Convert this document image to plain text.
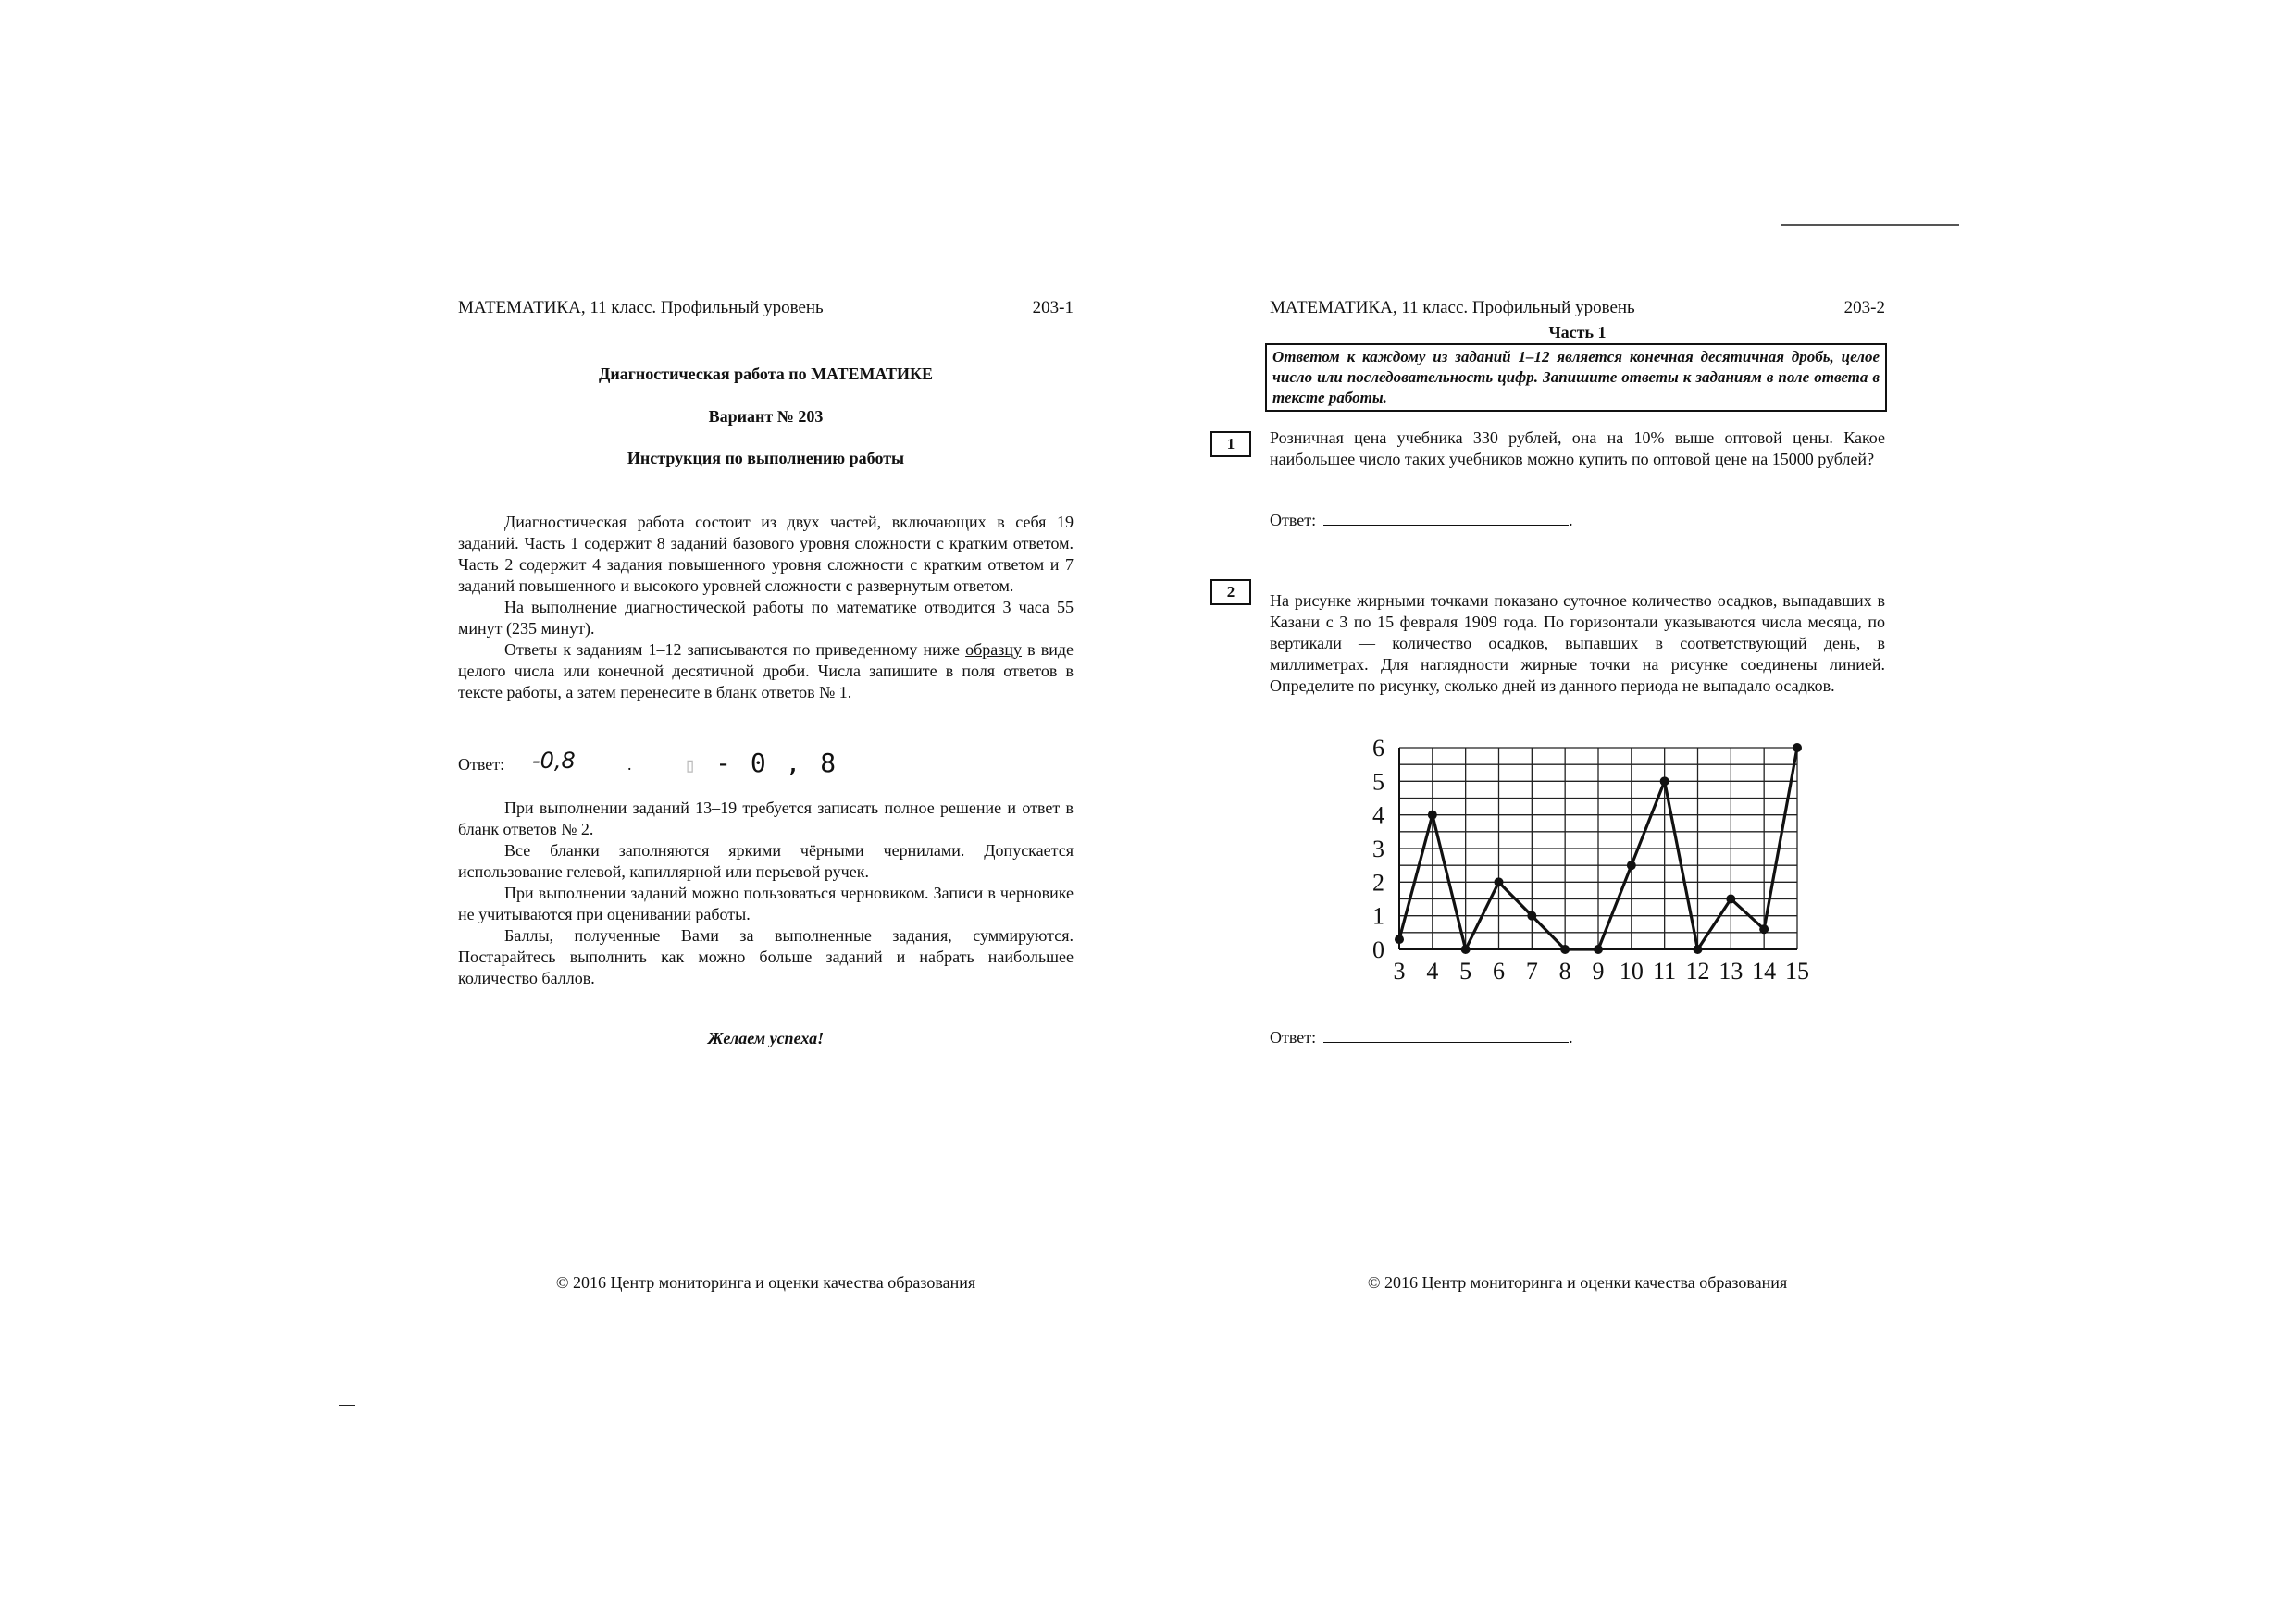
МАТЕМАТИКА, 11 класс. Профильный уровень	203-1
Диагностическая работа по МАТЕМАТИКЕ
Вариант № 203
Инструкция по выполнению работы

Диагностическая работа состоит из двух частей, включающих в себя 19 заданий. Часть 1 содержит 8 заданий базового уровня сложности с кратким ответом. Часть 2 содержит 4 задания повышенного уровня сложности с кратким ответом и 7 заданий повышенного и высокого уровней сложности с развернутым ответом.

На выполнение диагностической работы по математике отводится 3 часа 55 минут (235 минут).

Ответы к заданиям 1–12 записываются по приведенному ниже образцу в виде целого числа или конечной десятичной дроби. Числа запишите в поля ответов в тексте работы, а затем перенесите в бланк ответов № 1.

Ответ: -0,8	.	▯ - 0 , 8

При выполнении заданий 13–19 требуется записать полное решение и ответ в бланк ответов № 2.

Все бланки заполняются яркими чёрными чернилами. Допускается использование гелевой, капиллярной или перьевой ручек.

При выполнении заданий можно пользоваться черновиком. Записи в черновике не учитываются при оценивании работы.

Баллы, полученные Вами за выполненные задания, суммируются. Постарайтесь выполнить как можно больше заданий и набрать наибольшее количество баллов.

Желаем успеха!
© 2016 Центр мониторинга и оценки качества образования
МАТЕМАТИКА, 11 класс. Профильный уровень	203-2
Часть 1
Ответом к каждому из заданий 1–12 является конечная десятичная дробь, целое число или последовательность цифр. Запишите ответы к заданиям в поле ответа в тексте работы.
1	Розничная цена учебника 330 рублей, она на 10% выше оптовой цены. Какое наибольшее число таких учебников можно купить по оптовой цене на 15000 рублей?
Ответ:	.
2	На рисунке жирными точками показано суточное количество осадков, выпадавших в Казани с 3 по 15 февраля 1909 года. По горизонтали указываются числа месяца, по вертикали — количество осадков, выпавших в соответствующий день, в миллиметрах. Для наглядности жирные точки на рисунке соединены линией. Определите по рисунку, сколько дней из данного периода не выпадало осадков.
3 4 5 6 7 8 9 10 11 12 13 14 15
0
1
2
3
4
5
6
Ответ:	.
© 2016 Центр мониторинга и оценки качества образования
